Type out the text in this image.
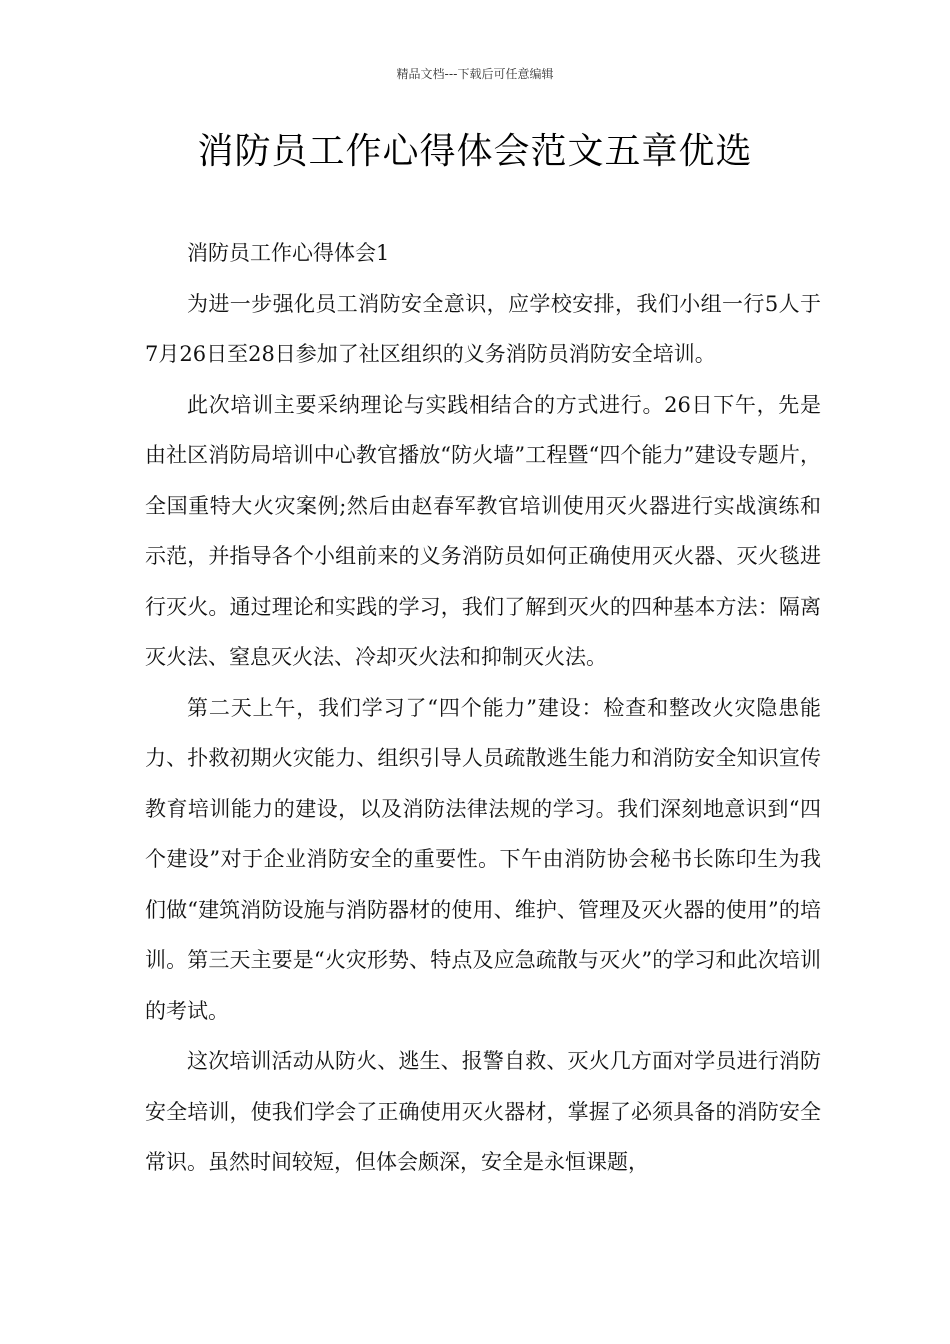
精品文档---下载后可任意编辑
消防员工作心得体会范文五章优选

消防员工作心得体会1

为进一步强化员工消防安全意识，应学校安排，我们小组一行5人于7月26日至28日参加了社区组织的义务消防员消防安全培训。

此次培训主要采纳理论与实践相结合的方式进行。26日下午，先是由社区消防局培训中心教官播放“防火墙”工程暨“四个能力”建设专题片，全国重特大火灾案例;然后由赵春军教官培训使用灭火器进行实战演练和示范，并指导各个小组前来的义务消防员如何正确使用灭火器、灭火毯进行灭火。通过理论和实践的学习，我们了解到灭火的四种基本方法：隔离灭火法、窒息灭火法、冷却灭火法和抑制灭火法。

第二天上午，我们学习了“四个能力”建设：检查和整改火灾隐患能力、扑救初期火灾能力、组织引导人员疏散逃生能力和消防安全知识宣传教育培训能力的建设，以及消防法律法规的学习。我们深刻地意识到“四个建设”对于企业消防安全的重要性。下午由消防协会秘书长陈印生为我们做“建筑消防设施与消防器材的使用、维护、管理及灭火器的使用”的培训。第三天主要是“火灾形势、特点及应急疏散与灭火”的学习和此次培训的考试。

这次培训活动从防火、逃生、报警自救、灭火几方面对学员进行消防安全培训，使我们学会了正确使用灭火器材，掌握了必须具备的消防安全常识。虽然时间较短，但体会颇深，安全是永恒课题，
